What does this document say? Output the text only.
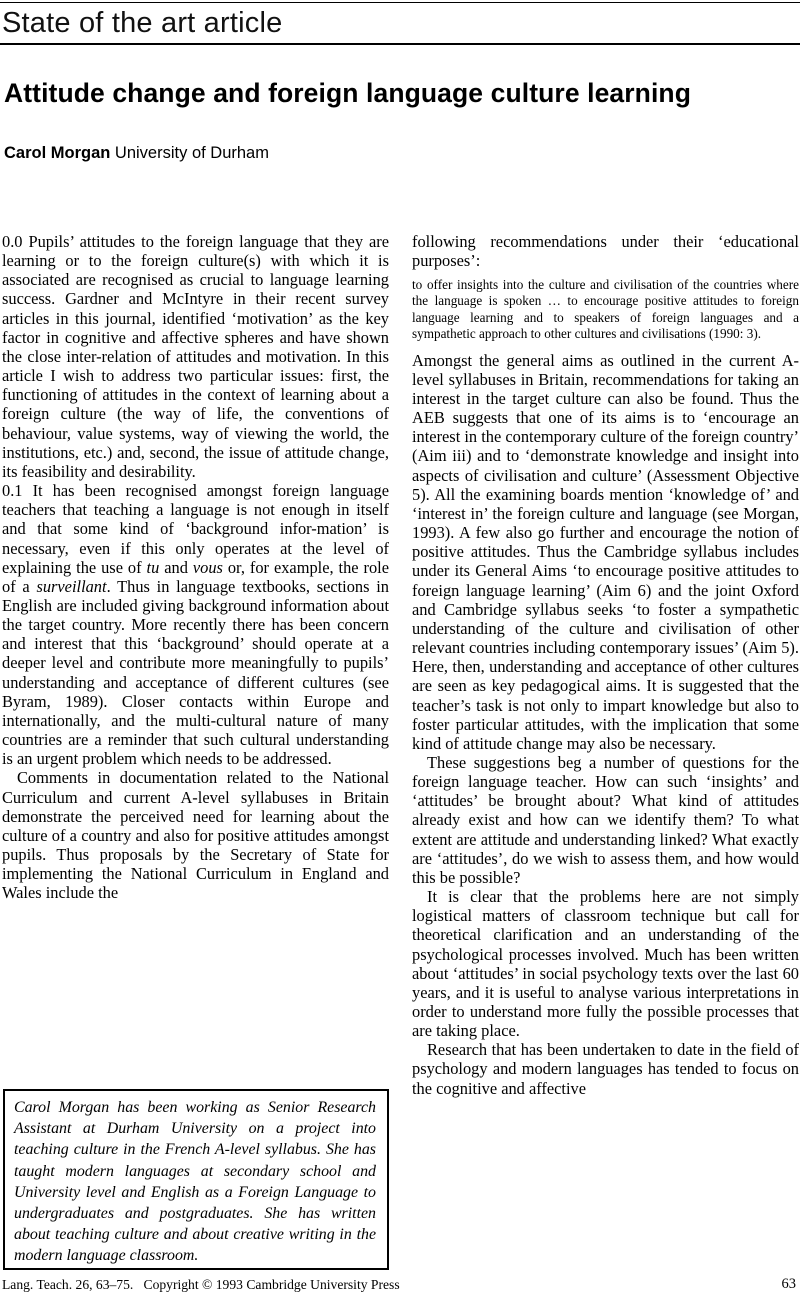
State of the art article
Attitude change and foreign language culture learning
Carol Morgan University of Durham

0.0 Pupils’ attitudes to the foreign language that they are learning or to the foreign culture(s) with which it is associated are recognised as crucial to language learning success. Gardner and McIntyre in their recent survey articles in this journal, identified ‘motivation’ as the key factor in cognitive and affective spheres and have shown the close inter-relation of attitudes and motivation. In this article I wish to address two particular issues: first, the functioning of attitudes in the context of learning about a foreign culture (the way of life, the conventions of behaviour, value systems, way of viewing the world, the institutions, etc.) and, second, the issue of attitude change, its feasibility and desirability.

0.1 It has been recognised amongst foreign language teachers that teaching a language is not enough in itself and that some kind of ‘background infor-mation’ is necessary, even if this only operates at the level of explaining the use of tu and vous or, for example, the role of a surveillant. Thus in language textbooks, sections in English are included giving background information about the target country. More recently there has been concern and interest that this ‘background’ should operate at a deeper level and contribute more meaningfully to pupils’ understanding and acceptance of different cultures (see Byram, 1989). Closer contacts within Europe and internationally, and the multi-cultural nature of many countries are a reminder that such cultural understanding is an urgent problem which needs to be addressed.

Comments in documentation related to the National Curriculum and current A-level syllabuses in Britain demonstrate the perceived need for learning about the culture of a country and also for positive attitudes amongst pupils. Thus proposals by the Secretary of State for implementing the National Curriculum in England and Wales include the

following recommendations under their ‘educational purposes’:

to offer insights into the culture and civilisation of the countries where the language is spoken … to encourage positive attitudes to foreign language learning and to speakers of foreign languages and a sympathetic approach to other cultures and civilisations (1990: 3).

Amongst the general aims as outlined in the current A-level syllabuses in Britain, recommendations for taking an interest in the target culture can also be found. Thus the AEB suggests that one of its aims is to ‘encourage an interest in the contemporary culture of the foreign country’ (Aim iii) and to ‘demonstrate knowledge and insight into aspects of civilisation and culture’ (Assessment Objective 5). All the examining boards mention ‘knowledge of’ and ‘interest in’ the foreign culture and language (see Morgan, 1993). A few also go further and encourage the notion of positive attitudes. Thus the Cambridge syllabus includes under its General Aims ‘to encourage positive attitudes to foreign language learning’ (Aim 6) and the joint Oxford and Cambridge syllabus seeks ‘to foster a sympathetic understanding of the culture and civilisation of other relevant countries including contemporary issues’ (Aim 5). Here, then, understanding and acceptance of other cultures are seen as key pedagogical aims. It is suggested that the teacher’s task is not only to impart knowledge but also to foster particular attitudes, with the implication that some kind of attitude change may also be necessary.

These suggestions beg a number of questions for the foreign language teacher. How can such ‘insights’ and ‘attitudes’ be brought about? What kind of attitudes already exist and how can we identify them? To what extent are attitude and understanding linked? What exactly are ‘attitudes’, do we wish to assess them, and how would this be possible?

It is clear that the problems here are not simply logistical matters of classroom technique but call for theoretical clarification and an understanding of the psychological processes involved. Much has been written about ‘attitudes’ in social psychology texts over the last 60 years, and it is useful to analyse various interpretations in order to understand more fully the possible processes that are taking place.

Research that has been undertaken to date in the field of psychology and modern languages has tended to focus on the cognitive and affective

Carol Morgan has been working as Senior Research Assistant at Durham University on a project into teaching culture in the French A-level syllabus. She has taught modern languages at secondary school and University level and English as a Foreign Language to undergraduates and postgraduates. She has written about teaching culture and about creative writing in the modern language classroom.
Lang. Teach. 26, 63–75.   Copyright © 1993 Cambridge University Press	63
